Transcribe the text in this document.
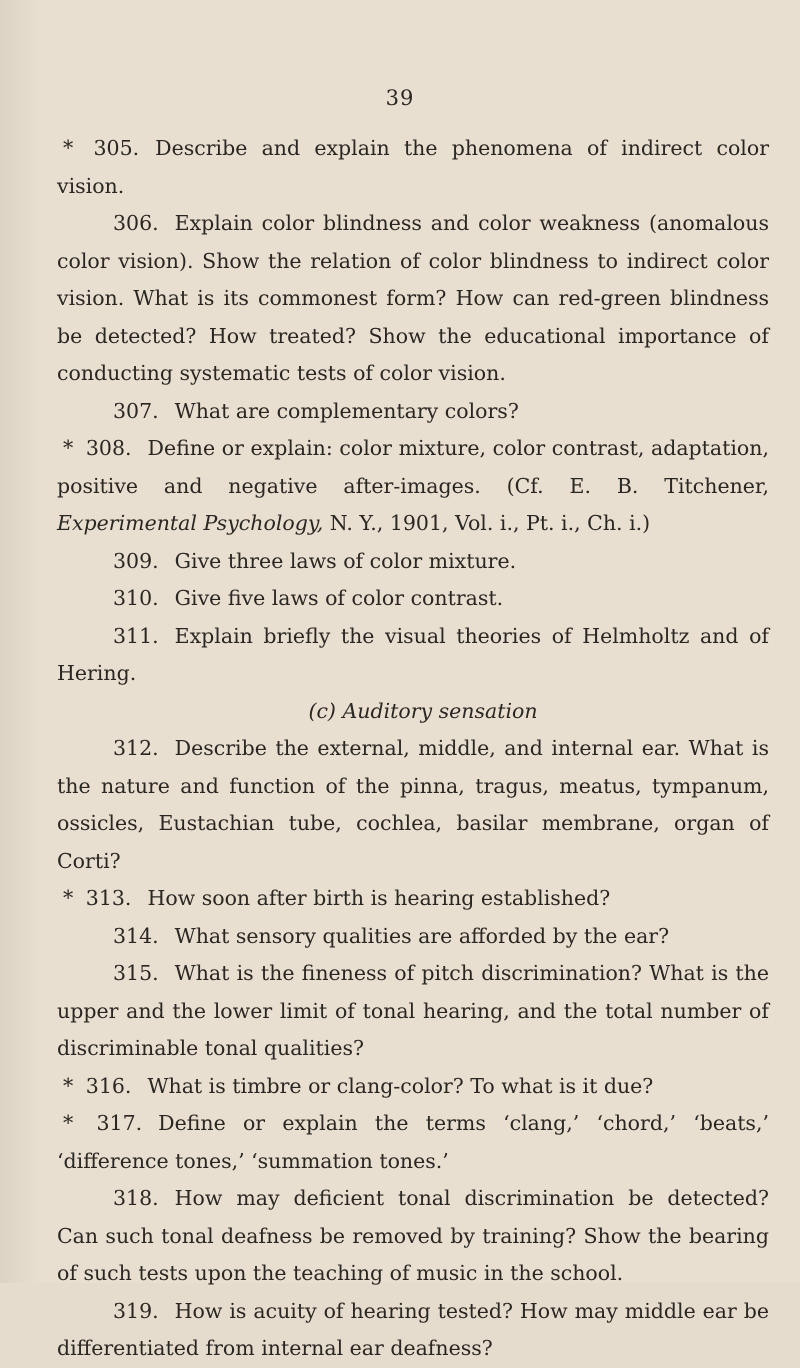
39

* 305. Describe and explain the phenomena of indirect color vision.

306. Explain color blindness and color weakness (anomalous color vision). Show the relation of color blindness to indirect color vision. What is its commonest form? How can red-green blindness be detected? How treated? Show the educational importance of conducting systematic tests of color vision.

307. What are complementary colors?

* 308. Define or explain: color mixture, color contrast, adaptation, positive and negative after-images. (Cf. E. B. Titchener, Experimental Psychology, N. Y., 1901, Vol. i., Pt. i., Ch. i.)

309. Give three laws of color mixture.

310. Give five laws of color contrast.

311. Explain briefly the visual theories of Helmholtz and of Hering.

(c) Auditory sensation

312. Describe the external, middle, and internal ear. What is the nature and function of the pinna, tragus, meatus, tympanum, ossicles, Eustachian tube, cochlea, basilar membrane, organ of Corti?

* 313. How soon after birth is hearing established?

314. What sensory qualities are afforded by the ear?

315. What is the fineness of pitch discrimination? What is the upper and the lower limit of tonal hearing, and the total number of discriminable tonal qualities?

* 316. What is timbre or clang-color? To what is it due?

* 317. Define or explain the terms ‘clang,’ ‘chord,’ ‘beats,’ ‘difference tones,’ ‘summation tones.’

318. How may deficient tonal discrimination be detected? Can such tonal deafness be removed by training? Show the bearing of such tests upon the teaching of music in the school.

319. How is acuity of hearing tested? How may middle ear be differentiated from internal ear deafness?
